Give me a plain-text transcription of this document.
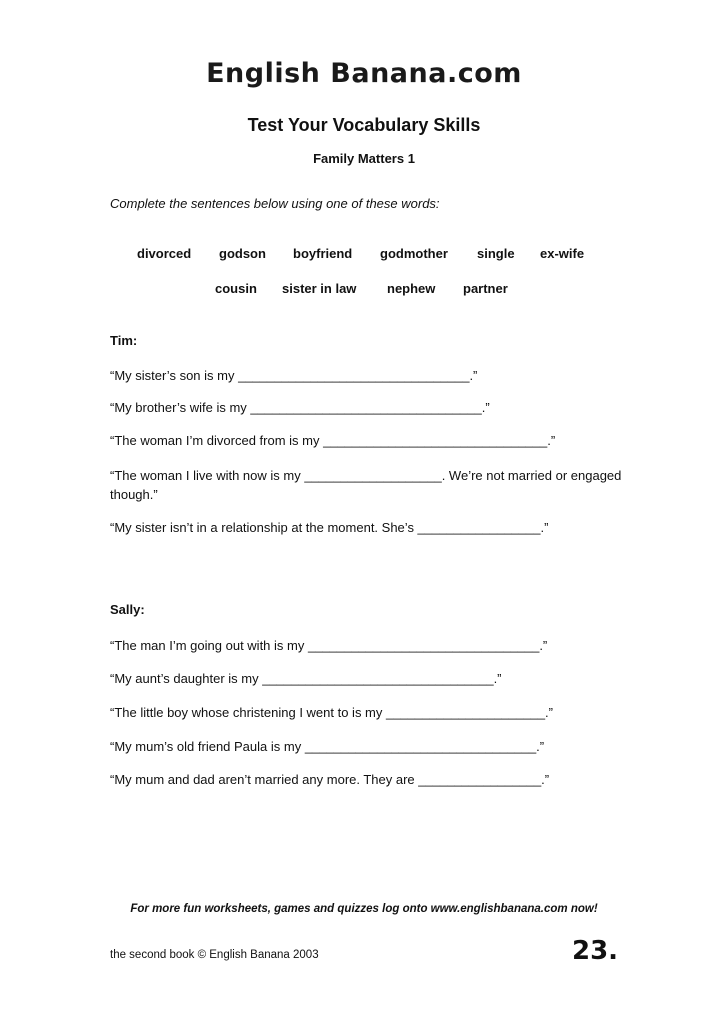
English Banana.com
Test Your Vocabulary Skills
Family Matters 1
Complete the sentences below using one of these words:
divorced godson boyfriend godmother single ex-wife
cousin sister in law nephew partner
Tim:
“My sister’s son is my ________________________________.”
“My brother’s wife is my ________________________________.”
“The woman I’m divorced from is my _______________________________.”
“The woman I live with now is my ___________________. We’re not married or engaged though.”
“My sister isn’t in a relationship at the moment. She’s _________________.”
Sally:
“The man I’m going out with is my ________________________________.”
“My aunt’s daughter is my ________________________________.”
“The little boy whose christening I went to is my ______________________.”
“My mum’s old friend Paula is my ________________________________.”
“My mum and dad aren’t married any more. They are _________________.”
For more fun worksheets, games and quizzes log onto www.englishbanana.com now!
the second book © English Banana 2003	23.
